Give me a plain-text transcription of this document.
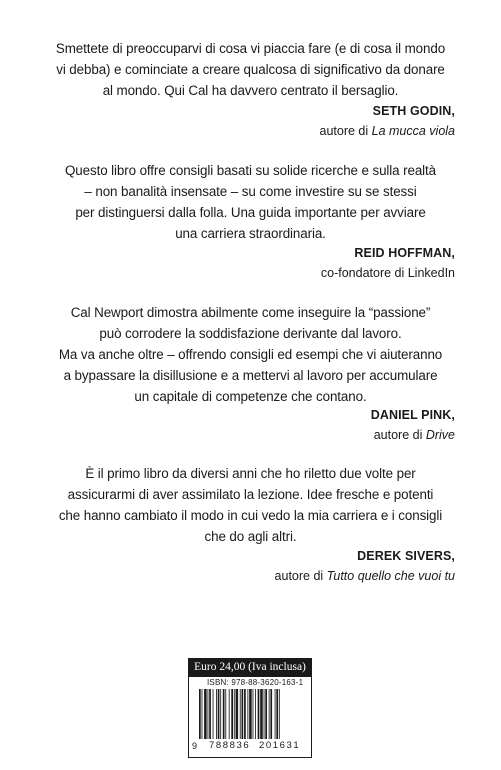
Smettete di preoccuparvi di cosa vi piaccia fare (e di cosa il mondo

vi debba) e cominciate a creare qualcosa di significativo da donare

al mondo. Qui Cal ha davvero centrato il bersaglio.

SETH GODIN,
autore di La mucca viola

Questo libro offre consigli basati su solide ricerche e sulla realtà

– non banalità insensate – su come investire su se stessi

per distinguersi dalla folla. Una guida importante per avviare

una carriera straordinaria.

REID HOFFMAN,
co-fondatore di LinkedIn

Cal Newport dimostra abilmente come inseguire la “passione”

può corrodere la soddisfazione derivante dal lavoro.

Ma va anche oltre – offrendo consigli ed esempi che vi aiuteranno

a bypassare la disillusione e a mettervi al lavoro per accumulare

un capitale di competenze che contano.

DANIEL PINK,
autore di Drive

È il primo libro da diversi anni che ho riletto due volte per

assicurarmi di aver assimilato la lezione. Idee fresche e potenti

che hanno cambiato il modo in cui vedo la mia carriera e i consigli

che do agli altri.

DEREK SIVERS,
autore di Tutto quello che vuoi tu
Euro 24,00 (Iva inclusa)
ISBN: 978-88-3620-163-1
9 788836 201631
